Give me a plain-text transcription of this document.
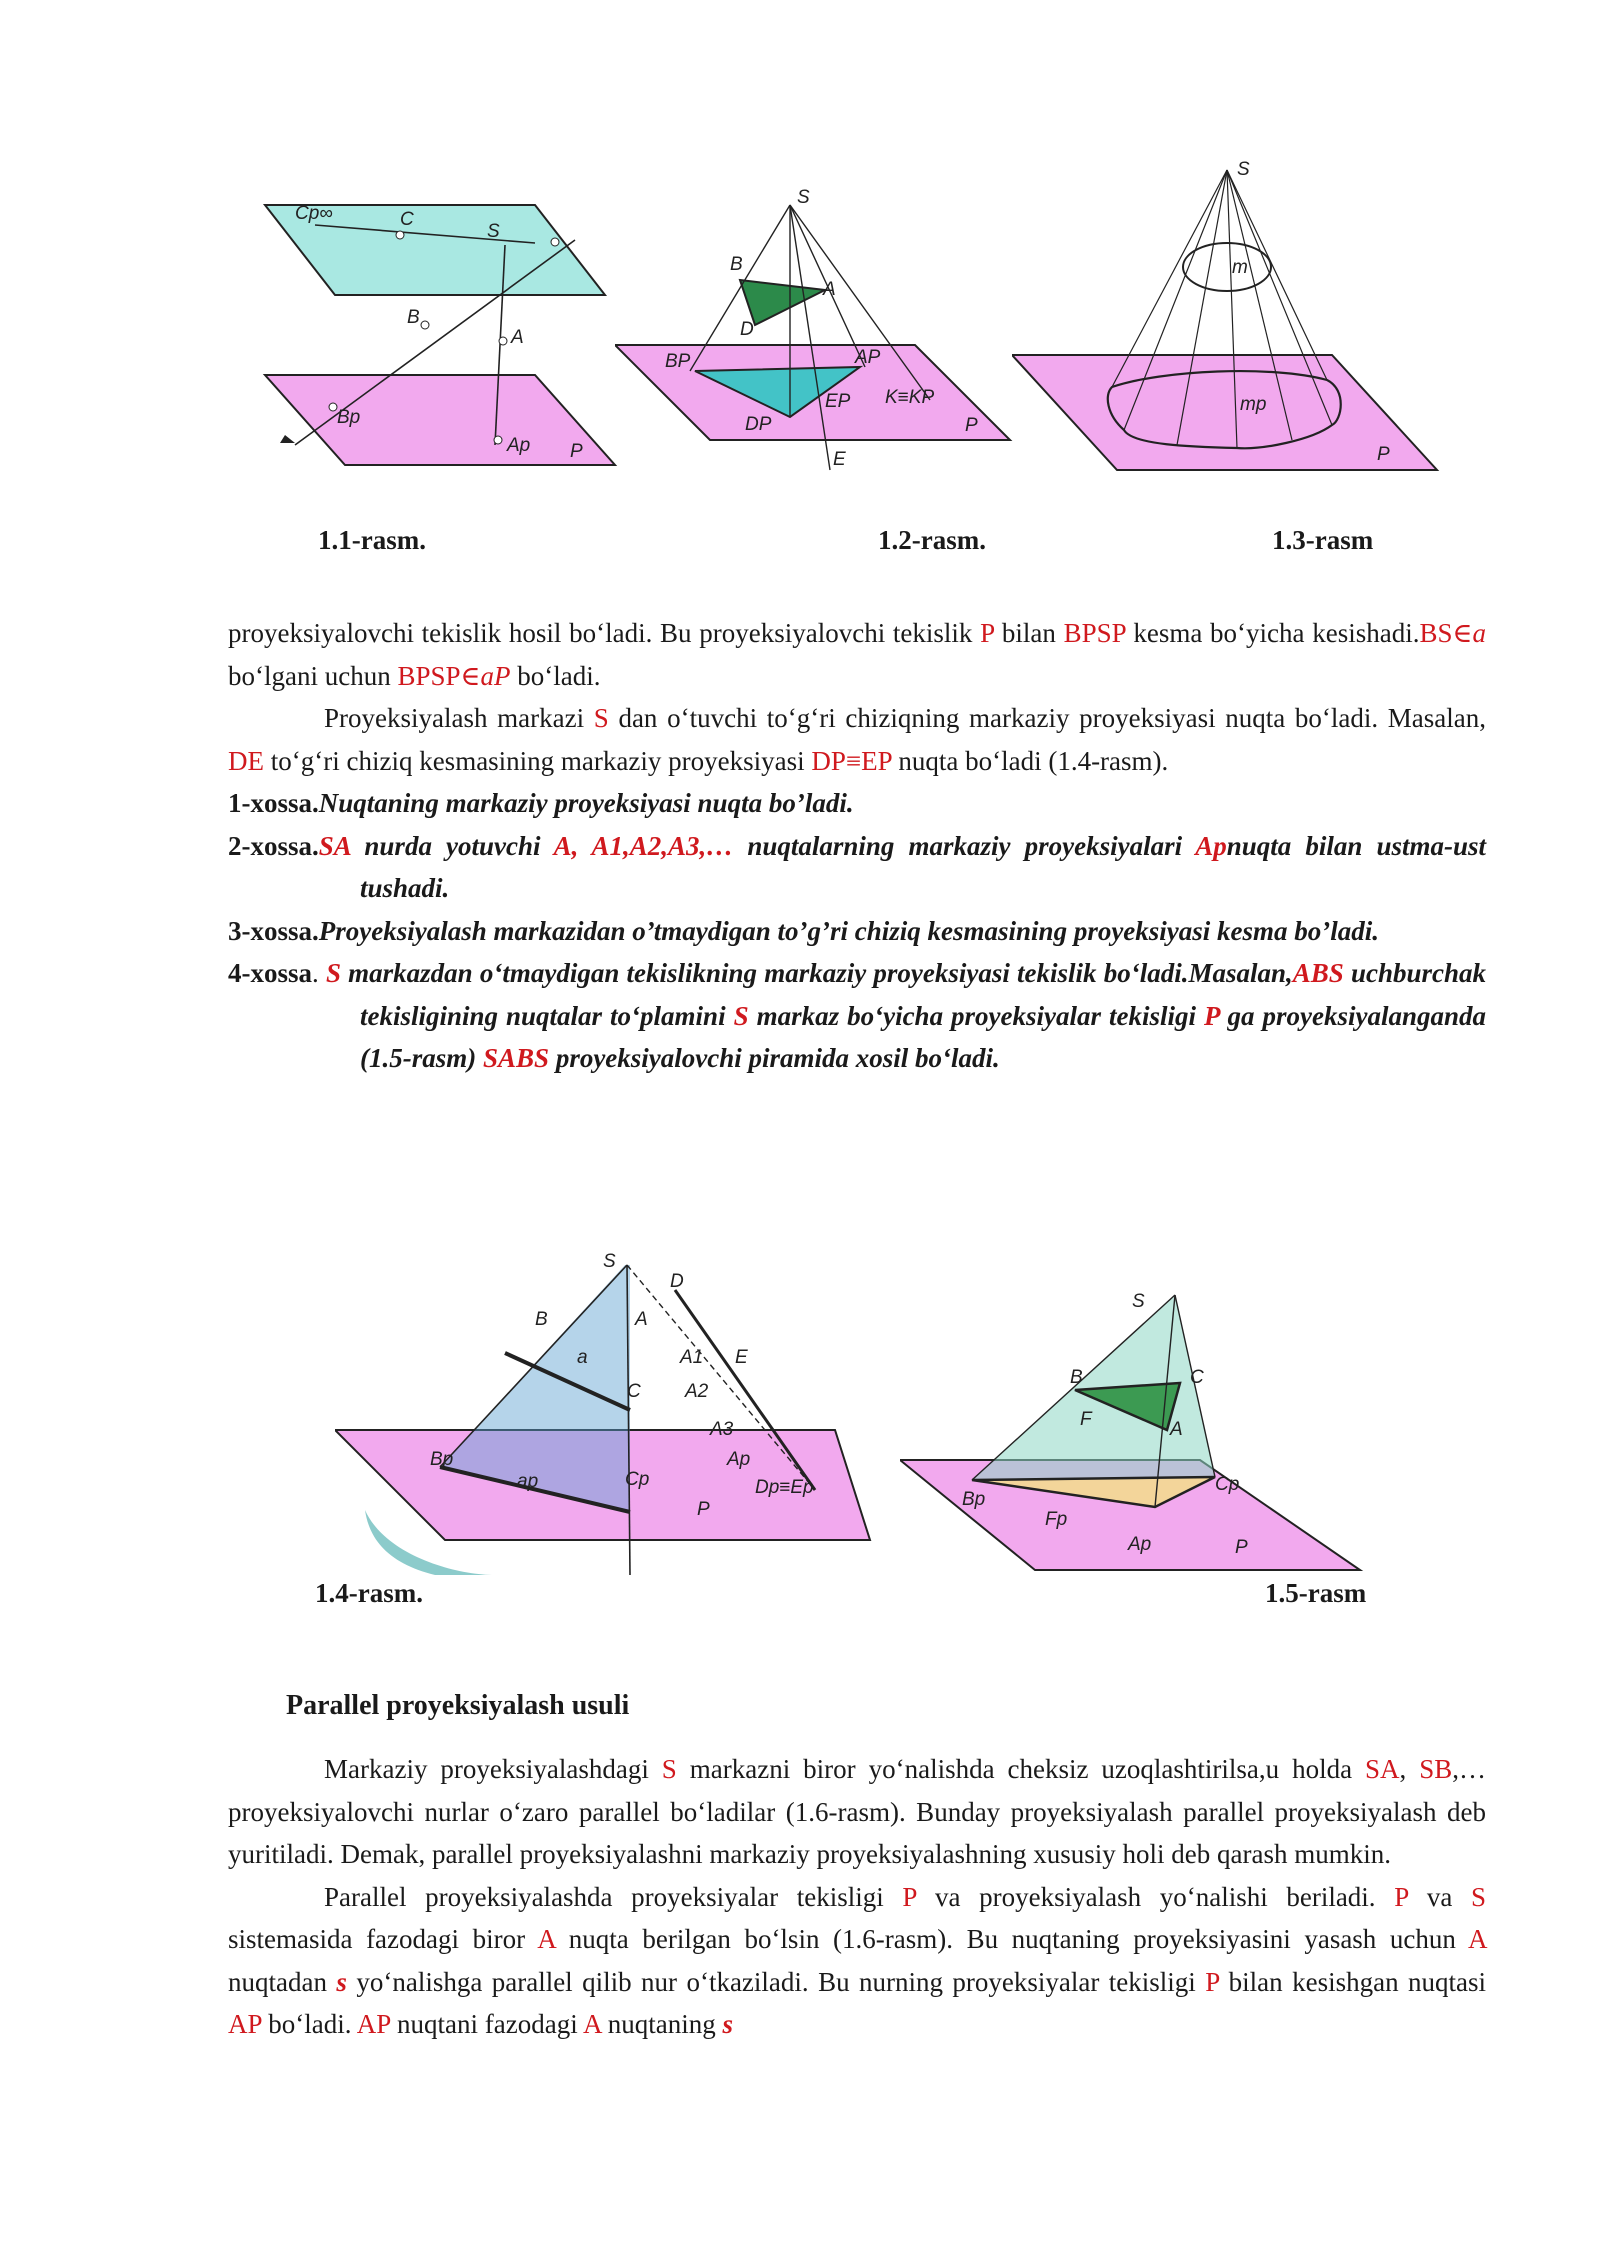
Cp∞	C
S
B
A
Bp
Ap P
1.1-rasm.
S
B
A
D
BP	AP
DP
EP K≡KP
P
E
1.2-rasm.
S
m
mp
P
1.3-rasm

proyeksiyalovchi tekislik hosil bo‘ladi. Bu proyeksiyalovchi tekislik P bilan BPSP kesma bo‘yicha kesishadi.BS∈a bo‘lgani uchun BPSP∈aP bo‘ladi.

Proyeksiyalash markazi S dan o‘tuvchi to‘g‘ri chiziqning markaziy proyeksiyasi nuqta bo‘ladi. Masalan, DE to‘g‘ri chiziq kesmasining markaziy proyeksiyasi DP≡EP nuqta bo‘ladi (1.4-rasm).

1-xossa.Nuqtaning markaziy proyeksiyasi nuqta bo’ladi.

2-xossa.SA nurda yotuvchi A, A1,A2,A3,… nuqtalarning markaziy proyeksiyalari Apnuqta bilan ustma-ust tushadi.

3-xossa.Proyeksiyalash markazidan o’tmaydigan to’g’ri chiziq kesmasining proyeksiyasi kesma bo’ladi.

4-xossa. S markazdan o‘tmaydigan tekislikning markaziy proyeksiyasi tekislik bo‘ladi.Masalan,ABS uchburchak tekisligining nuqtalar to‘plamini S markaz bo‘yicha proyeksiyalar tekisligi P ga proyeksiyalanganda (1.5-rasm) SABS proyeksiyalovchi piramida xosil bo‘ladi.

S
D
B	A
A1 E
a
C A2
A3
Ap
Dp≡Ep
Bp
ap	Cp
P
1.4-rasm.
S
B	C
F	A
Bp
Cp
Fp
Ap	P
1.5-rasm
Parallel proyeksiyalash usuli

Markaziy proyeksiyalashdagi S markazni biror yo‘nalishda cheksiz uzoqlashtirilsa,u holda SA, SB,… proyeksiyalovchi nurlar o‘zaro parallel bo‘ladilar (1.6-rasm). Bunday proyeksiyalash parallel proyeksiyalash deb yuritiladi. Demak, parallel proyeksiyalashni markaziy proyeksiyalashning xususiy holi deb qarash mumkin.

Parallel proyeksiyalashda proyeksiyalar tekisligi P va proyeksiyalash yo‘nalishi beriladi. P va S sistemasida fazodagi biror A nuqta berilgan bo‘lsin (1.6-rasm). Bu nuqtaning proyeksiyasini yasash uchun A nuqtadan s yo‘nalishga parallel qilib nur o‘tkaziladi. Bu nurning proyeksiyalar tekisligi P bilan kesishgan nuqtasi AP bo‘ladi. AP nuqtani fazodagi A nuqtaning s
